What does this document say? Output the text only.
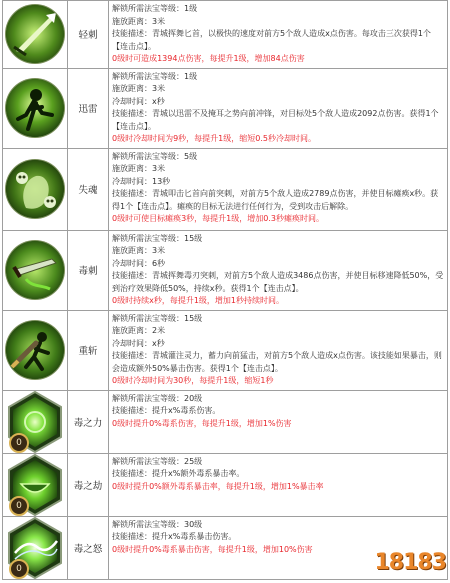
	轻刺	解锁所需法宝等级：1级
施放距离：3米
技能描述：青城挥舞匕首，以极快的速度对前方5个敌人造成x点伤害。每攻击三次获得1个【连击点】。
0级时可造成1394点伤害，每提升1级，增加84点伤害

	迅雷	解锁所需法宝等级：1级
施放距离：3米
冷却时间：x秒
技能描述：青城以迅雷不及掩耳之势向前冲锋，对目标处5个敌人造成2092点伤害。获得1个【连击点】。
0级时冷却时间为9秒，每提升1级，缩短0.5秒冷却时间。

	失魂	解锁所需法宝等级：5级
施放距离：3米
冷却时间：13秒
技能描述：青城叩击匕首向前突刺，对前方5个敌人造成2789点伤害，并使目标瘫痪x秒。获得1个【连击点】。瘫痪的目标无法进行任何行为，受到攻击后解除。
0级时可使目标瘫痪3秒，每提升1级，增加0.3秒瘫痪时间。

	毒刺	解锁所需法宝等级：15级
施放距离：3米
冷却时间：6秒
技能描述：青城挥舞毒刃突刺，对前方5个敌人造成3486点伤害，并使目标移速降低50%，受到治疗效果降低50%，持续x秒。获得1个【连击点】。
0级时持续x秒，每提升1级，增加1秒持续时间。

	重斩	解锁所需法宝等级：15级
施放距离：2米
冷却时间：x秒
技能描述：青城灌注灵力，蓄力向前猛击，对前方5个敌人造成x点伤害。该技能如果暴击，则会造成额外50%暴击伤害。获得1个【连击点】。
0级时冷却时间为30秒，每提升1级，缩短1秒

0	毒之力	解锁所需法宝等级：20级
技能描述：提升x%毒系伤害。
0级时提升0%毒系伤害，每提升1级，增加1%伤害

0	毒之劫	解锁所需法宝等级：25级
技能描述：提升x%额外毒系暴击率。
0级时提升0%额外毒系暴击率，每提升1级，增加1%暴击率

0	毒之怒	解锁所需法宝等级：30级
技能描述：提升x%毒系暴击伤害。
0级时提升0%毒系暴击伤害，每提升1级，增加10%伤害
18183
